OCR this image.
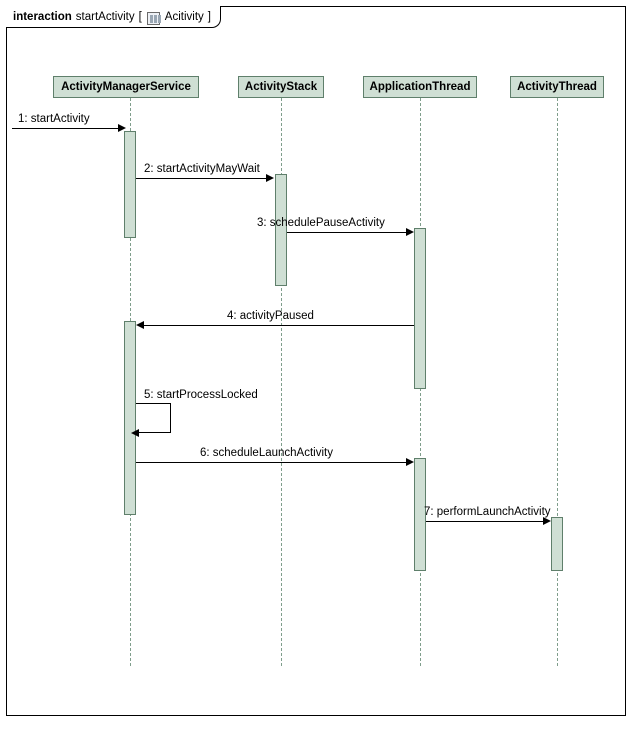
interaction startActivity [ Acitivity ]
ActivityManagerService	ActivityStack	ApplicationThread	ActivityThread
1: startActivity
2: startActivityMayWait
3: schedulePauseActivity
4: activityPaused
5: startProcessLocked
6: scheduleLaunchActivity
7: performLaunchActivity
